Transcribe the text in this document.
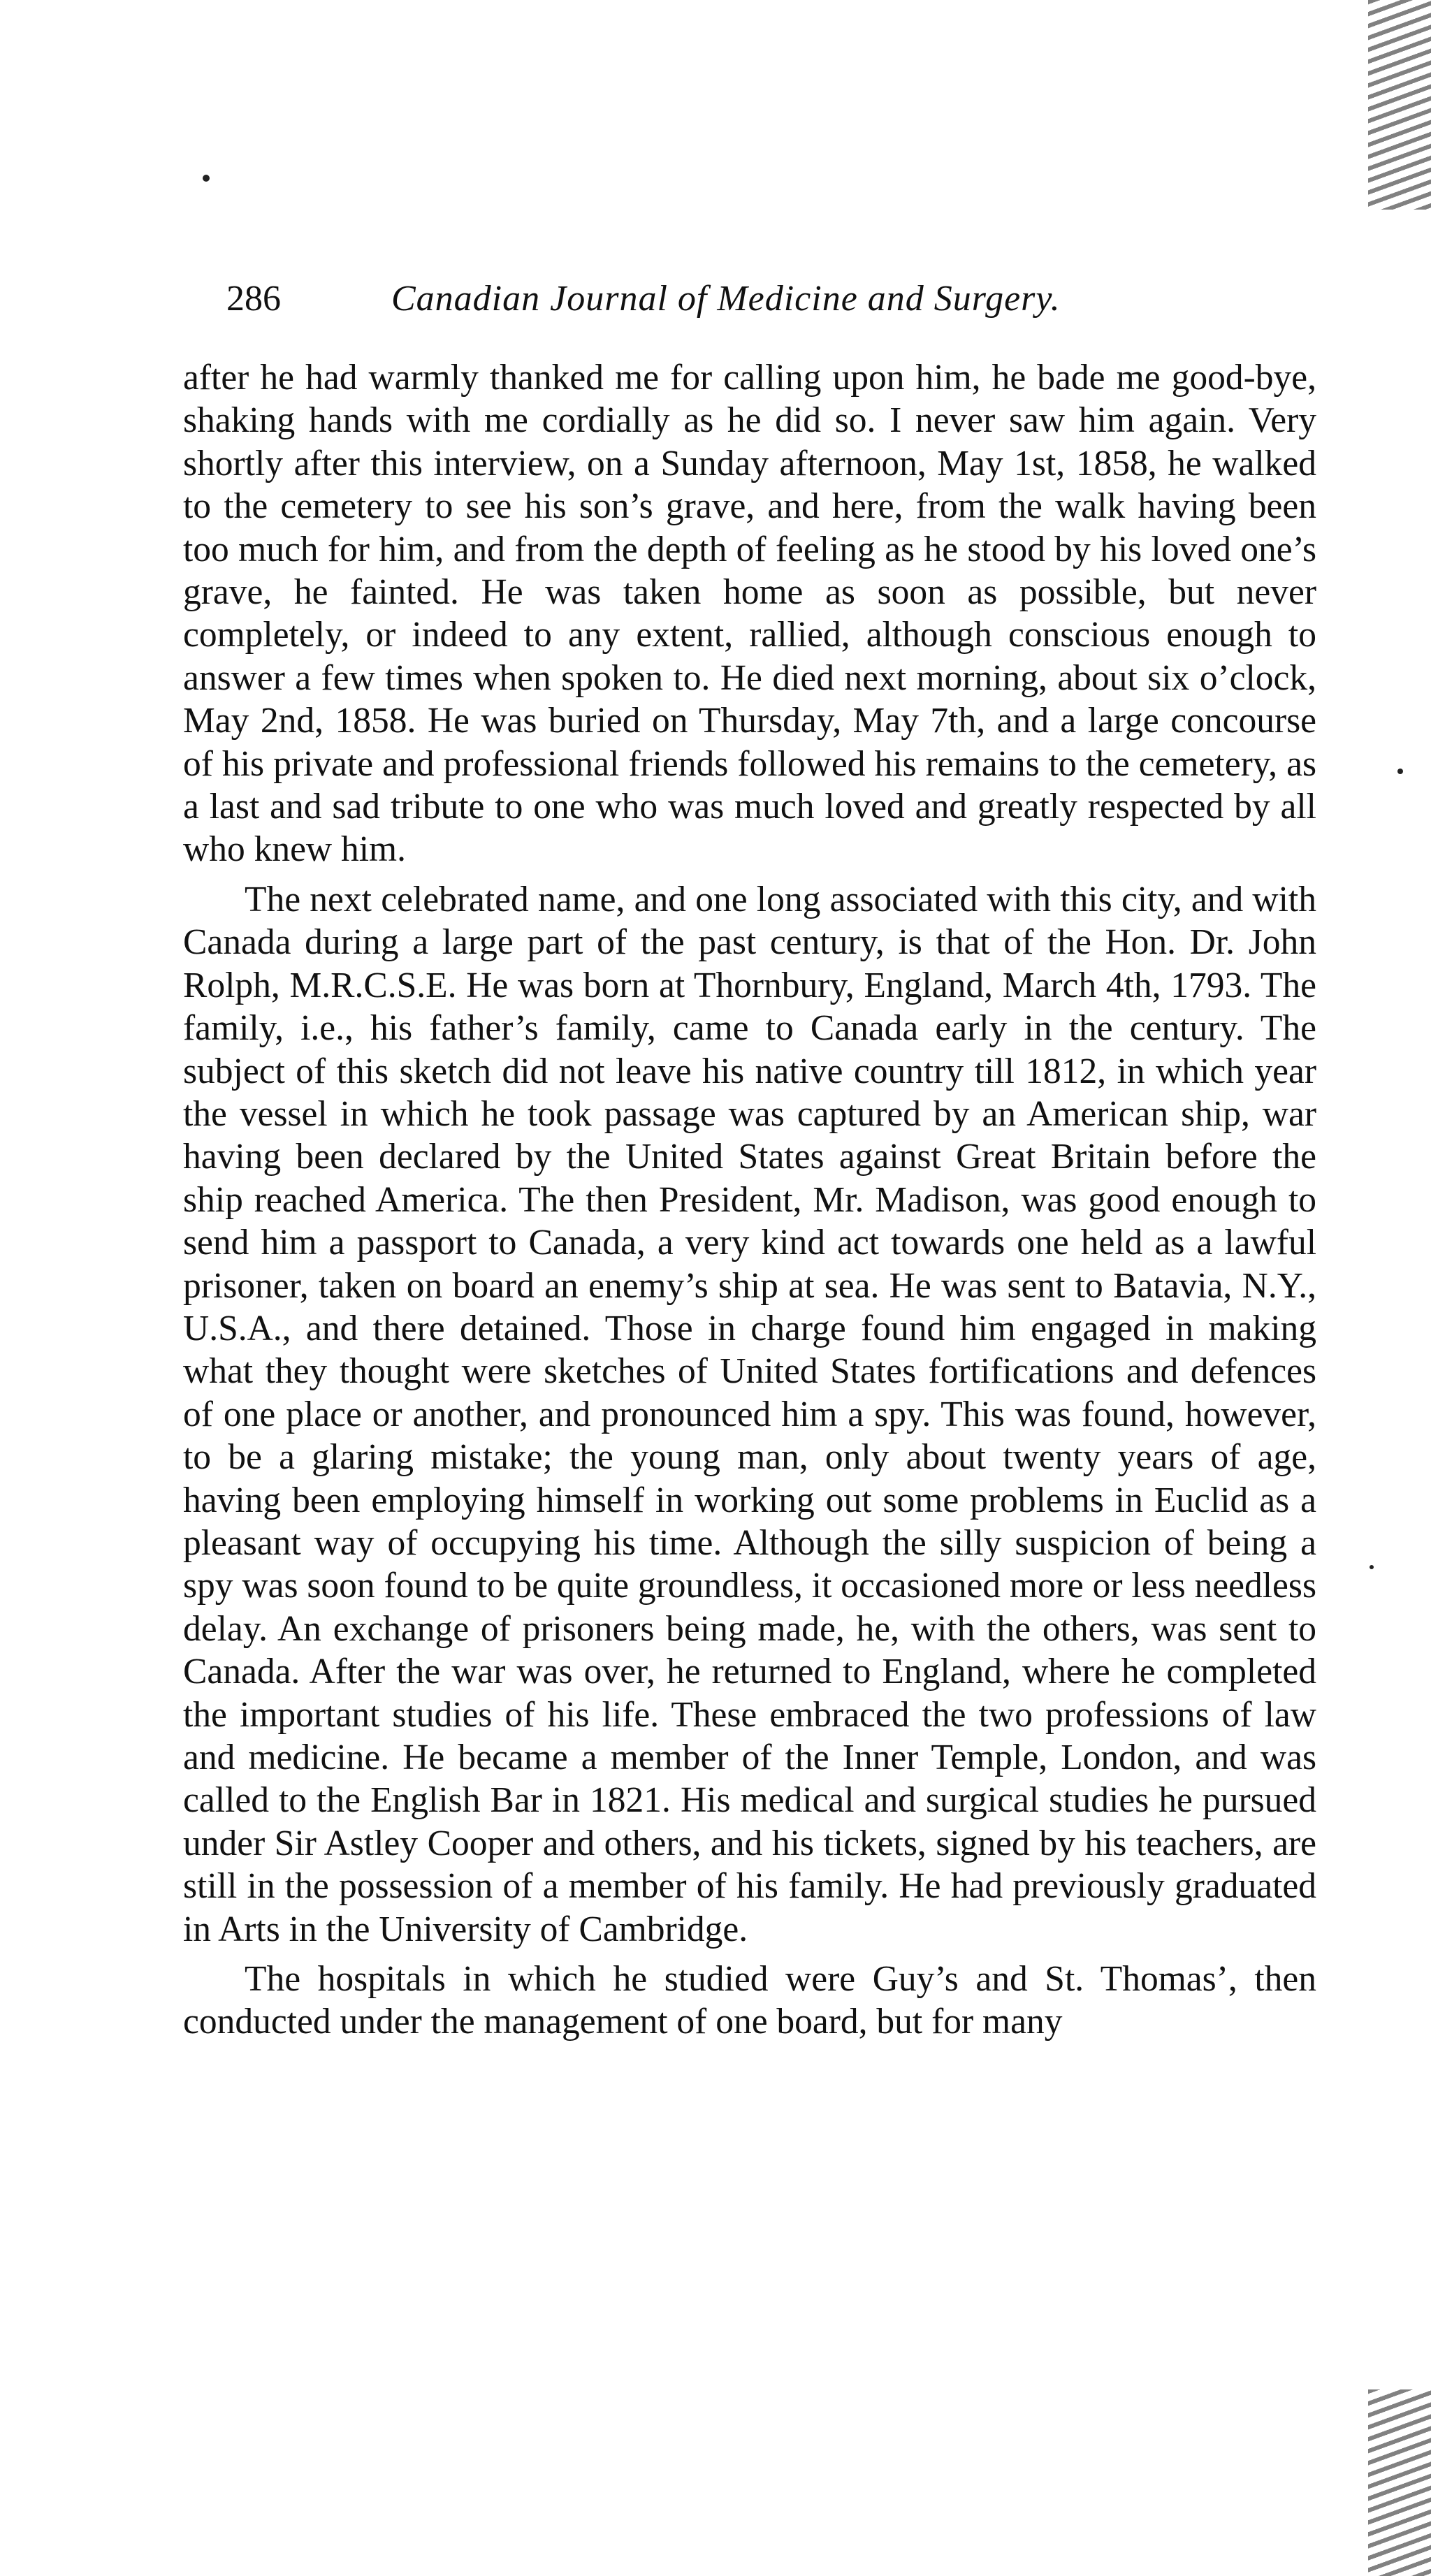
286	Canadian Journal of Medicine and Surgery.

after he had warmly thanked me for calling upon him, he bade me good-bye, shaking hands with me cordially as he did so. I never saw him again. Very shortly after this interview, on a Sunday afternoon, May 1st, 1858, he walked to the cemetery to see his son’s grave, and here, from the walk having been too much for him, and from the depth of feeling as he stood by his loved one’s grave, he fainted. He was taken home as soon as possible, but never completely, or indeed to any extent, rallied, although conscious enough to answer a few times when spoken to. He died next morning, about six o’clock, May 2nd, 1858. He was buried on Thursday, May 7th, and a large concourse of his private and professional friends followed his remains to the cemetery, as a last and sad tribute to one who was much loved and greatly respected by all who knew him.

The next celebrated name, and one long associated with this city, and with Canada during a large part of the past century, is that of the Hon. Dr. John Rolph, M.R.C.S.E. He was born at Thornbury, England, March 4th, 1793. The family, i.e., his father’s family, came to Canada early in the century. The subject of this sketch did not leave his native country till 1812, in which year the vessel in which he took passage was captured by an American ship, war having been declared by the United States against Great Britain before the ship reached America. The then President, Mr. Madison, was good enough to send him a passport to Canada, a very kind act towards one held as a lawful prisoner, taken on board an enemy’s ship at sea. He was sent to Batavia, N.Y., U.S.A., and there detained. Those in charge found him engaged in making what they thought were sketches of United States fortifications and defences of one place or another, and pronounced him a spy. This was found, however, to be a glaring mistake; the young man, only about twenty years of age, having been employing himself in working out some problems in Euclid as a pleasant way of occupying his time. Although the silly suspicion of being a spy was soon found to be quite groundless, it occasioned more or less needless delay. An exchange of prisoners being made, he, with the others, was sent to Canada. After the war was over, he returned to England, where he completed the important studies of his life. These embraced the two professions of law and medicine. He became a member of the Inner Temple, London, and was called to the English Bar in 1821. His medical and surgical studies he pursued under Sir Astley Cooper and others, and his tickets, signed by his teachers, are still in the possession of a member of his family. He had previously graduated in Arts in the University of Cambridge.

The hospitals in which he studied were Guy’s and St. Thomas’, then conducted under the management of one board, but for many
